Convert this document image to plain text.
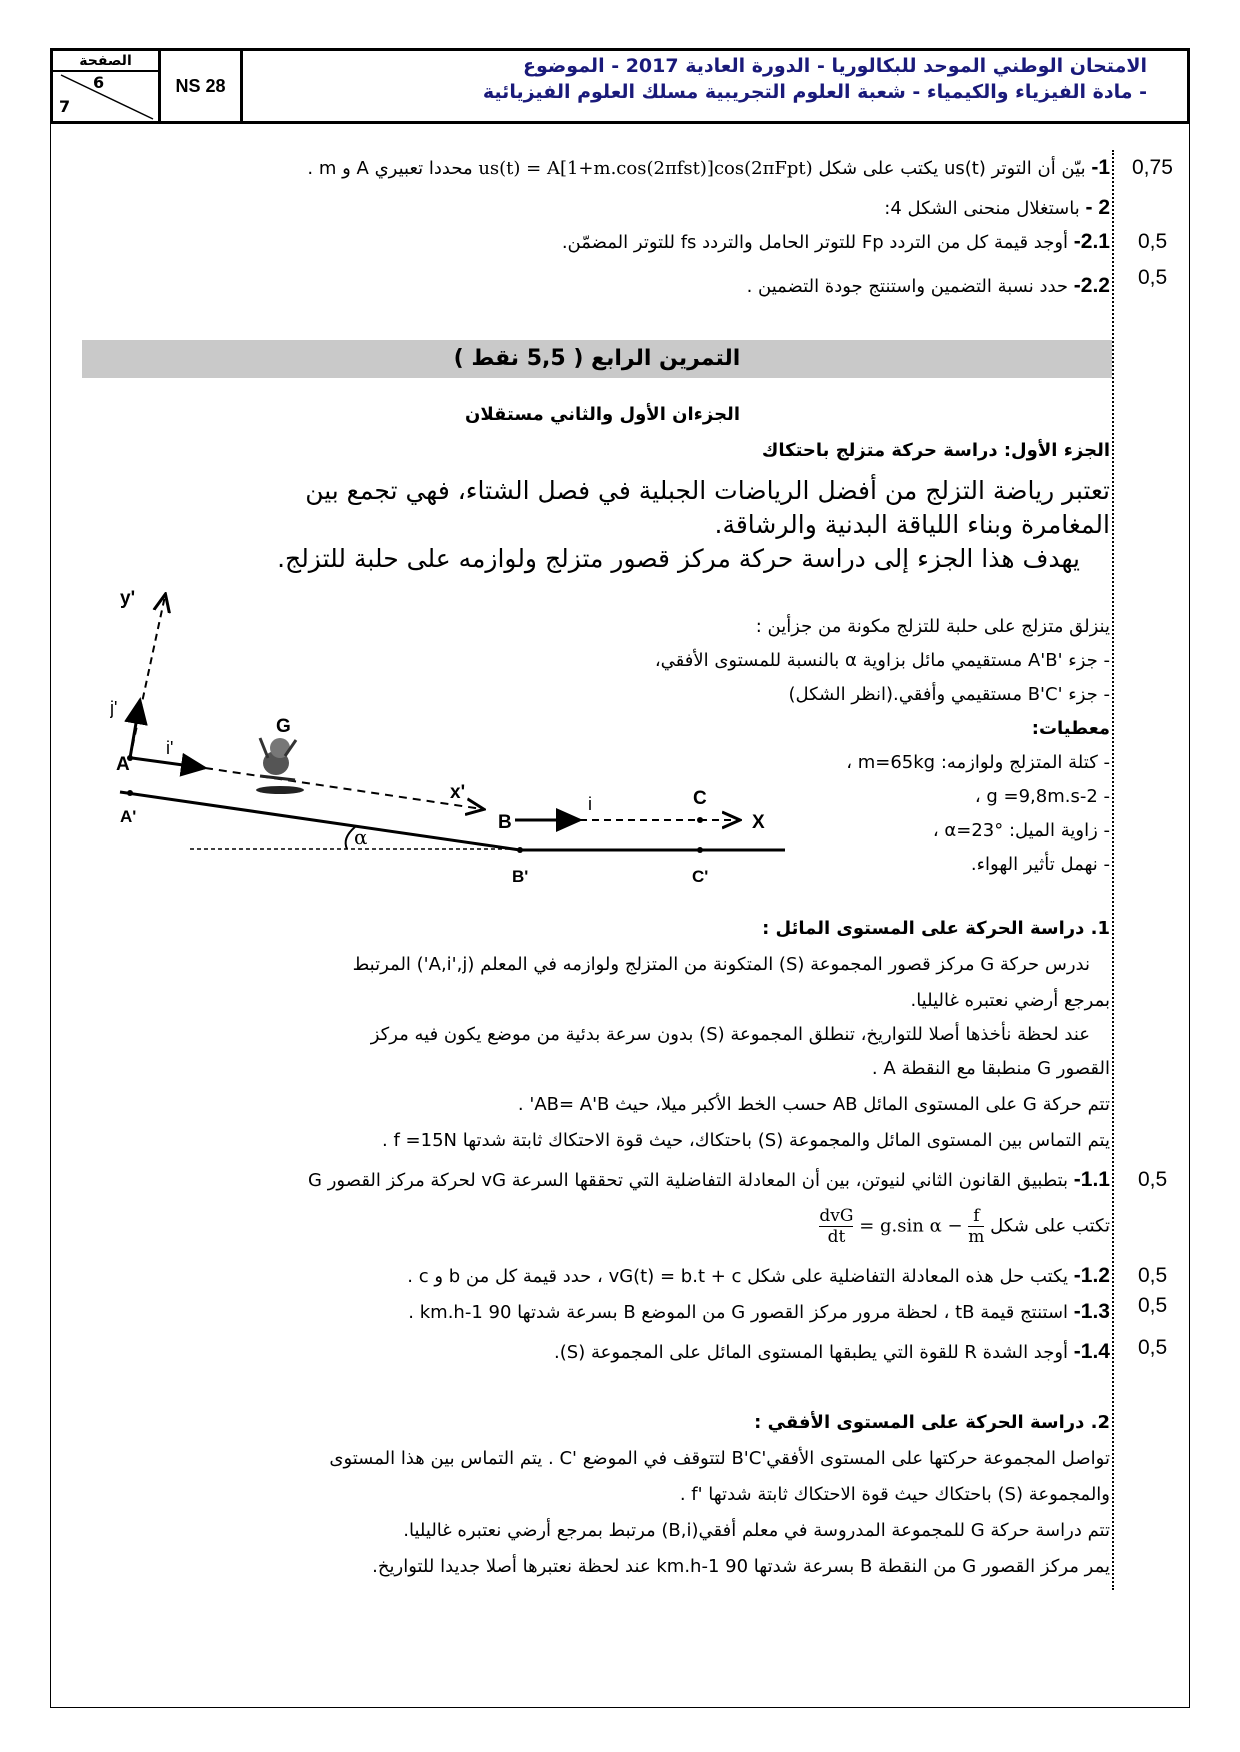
الصفحة
6
7
NS 28
الامتحان الوطني الموحد للبكالوريا - الدورة العادية 2017 - الموضوع
- مادة الفيزياء والكيمياء - شعبة العلوم التجريبية مسلك العلوم الفيزيائية
1- بيّن أن التوتر us(t) يكتب على شكل us(t) = A[1+m.cos(2πfst)]cos(2πFpt) محددا تعبيري A و m .	0,75
2 - باستغلال منحنى الشكل 4:
2.1- أوجد قيمة كل من التردد Fp للتوتر الحامل والتردد fs للتوتر المضمّن.	0,5
2.2- حدد نسبة التضمين واستنتج جودة التضمين .	0,5
التمرين الرابع ( 5,5 نقط )
الجزءان الأول والثاني مستقلان
الجزء الأول: دراسة حركة متزلج باحتكاك
تعتبر رياضة التزلج من أفضل الرياضات الجبلية في فصل الشتاء، فهي تجمع بين
المغامرة وبناء اللياقة البدنية والرشاقة.
يهدف هذا الجزء إلى دراسة حركة مركز قصور متزلج ولوازمه على حلبة للتزلج.
ينزلق متزلج على حلبة للتزلج مكونة من جزأين :
- جزء 'A'B مستقيمي مائل بزاوية α بالنسبة للمستوى الأفقي،
- جزء 'B'C مستقيمي وأفقي.(انظر الشكل)
معطيات:
- كتلة المتزلج ولوازمه: m=65kg ،
- g =9,8m.s-2 ،
- زاوية الميل: α=23° ،
- نهمل تأثير الهواء.
y'
j'
i'
A
A'
G
x'
B
i	C
X
α
B'	C'
1. دراسة الحركة على المستوى المائل :
ندرس حركة G مركز قصور المجموعة (S) المتكونة من المتزلج ولوازمه في المعلم (A,i',j') المرتبط
بمرجع أرضي نعتبره غاليليا.
عند لحظة نأخذها أصلا للتواريخ، تنطلق المجموعة (S) بدون سرعة بدئية من موضع يكون فيه مركز
القصور G منطبقا مع النقطة A .
تتم حركة G على المستوى المائل AB حسب الخط الأكبر ميلا، حيث AB= A'B' .
يتم التماس بين المستوى المائل والمجموعة (S) باحتكاك، حيث قوة الاحتكاك ثابتة شدتها f =15N .
1.1- بتطبيق القانون الثاني لنيوتن، بين أن المعادلة التفاضلية التي تحققها السرعة vG لحركة مركز القصور G	0,5
تكتب على شكل
$\frac{\text{dvG}}{dt} = g.\sin$ $\alpha - \frac{f}{m}$
1.2- يكتب حل هذه المعادلة التفاضلية على شكل vG(t) = b.t + c ، حدد قيمة كل من b و c .	0,5
1.3- استنتج قيمة tB ، لحظة مرور مركز القصور G من الموضع B بسرعة شدتها 90 km.h-1 .	0,5
1.4- أوجد الشدة R للقوة التي يطبقها المستوى المائل على المجموعة (S).	0,5
2. دراسة الحركة على المستوى الأفقي :
تواصل المجموعة حركتها على المستوى الأفقي'B'C لتتوقف في الموضع 'C . يتم التماس بين هذا المستوى
والمجموعة (S) باحتكاك حيث قوة الاحتكاك ثابتة شدتها 'f .
تتم دراسة حركة G للمجموعة المدروسة في معلم أفقي(B,i) مرتبط بمرجع أرضي نعتبره غاليليا.
يمر مركز القصور G من النقطة B بسرعة شدتها 90 km.h-1 عند لحظة نعتبرها أصلا جديدا للتواريخ.
